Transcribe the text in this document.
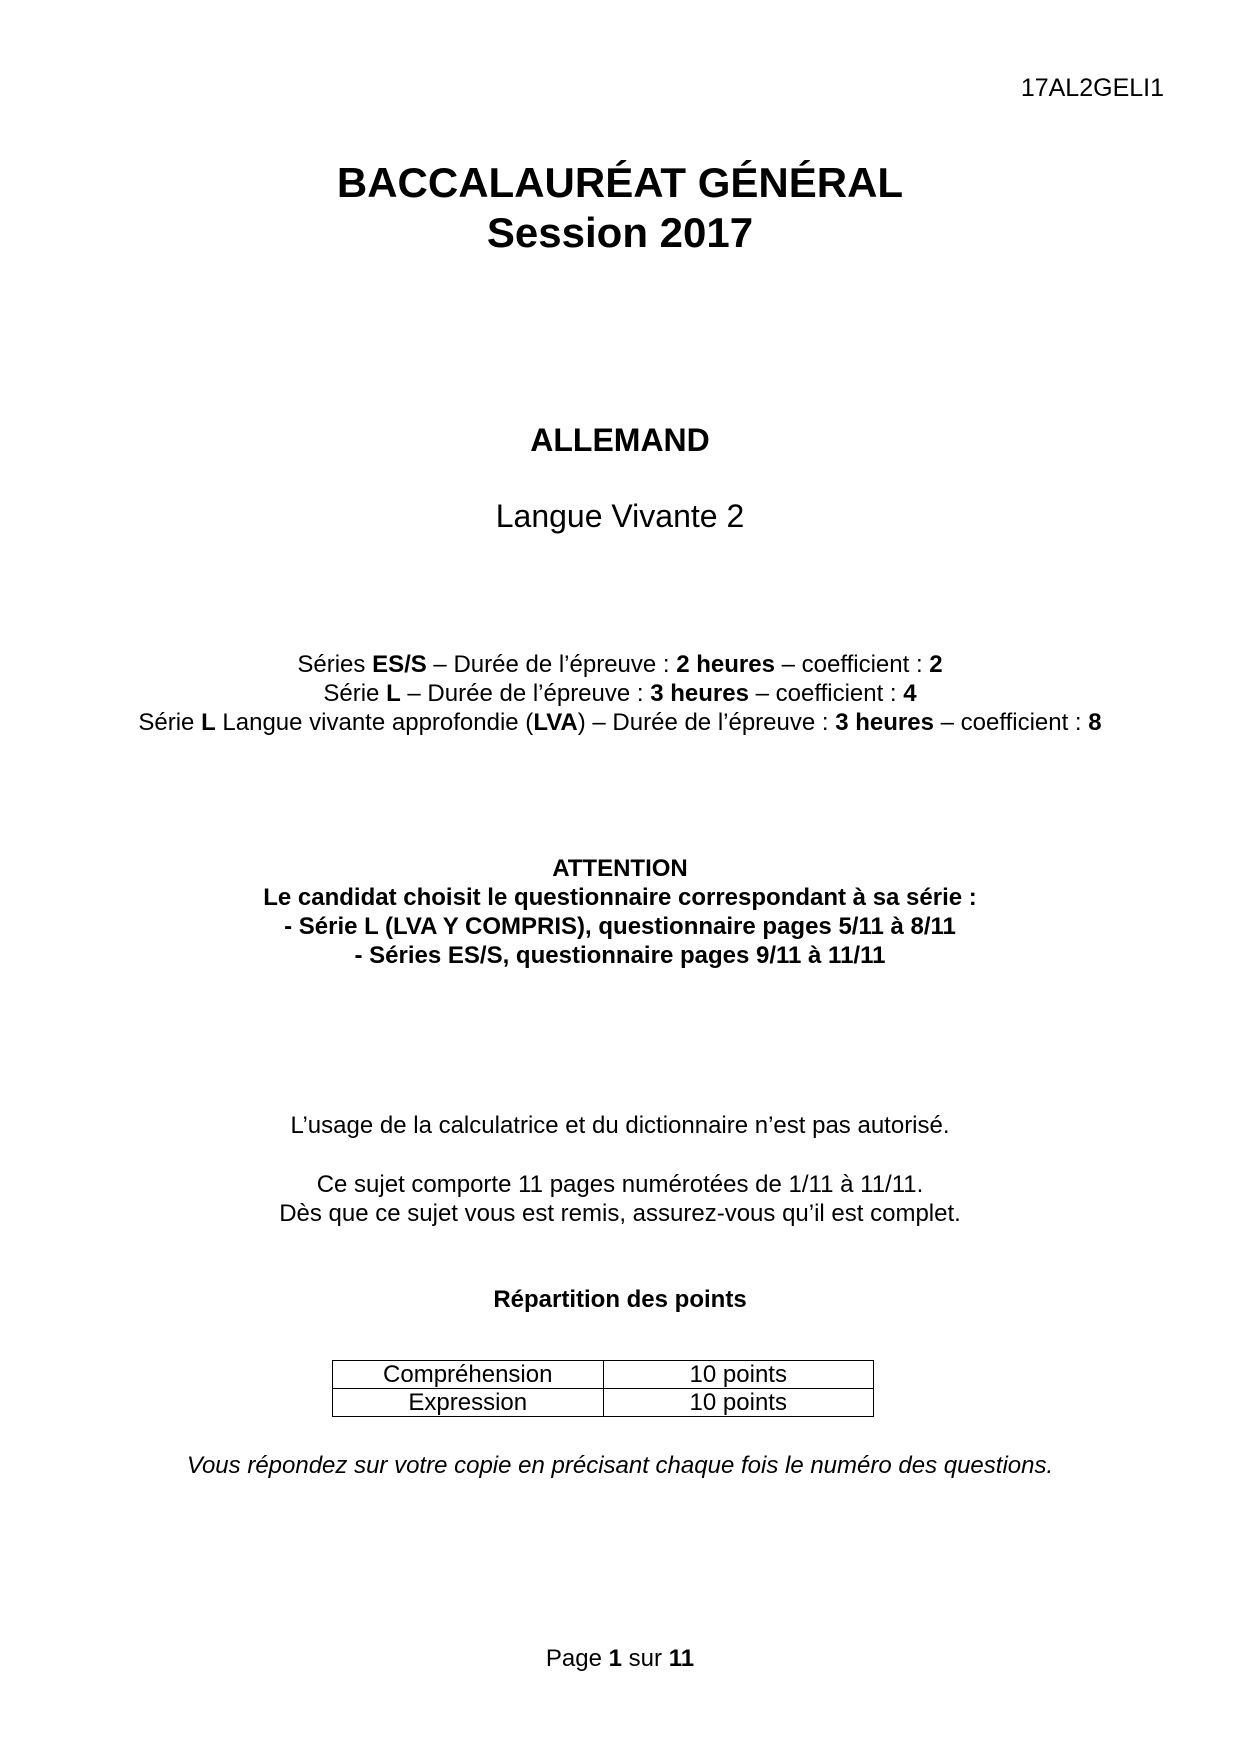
17AL2GELI1
BACCALAURÉAT GÉNÉRAL
Session 2017
ALLEMAND
Langue Vivante 2
Séries ES/S – Durée de l’épreuve : 2 heures – coefficient : 2
Série L – Durée de l’épreuve : 3 heures – coefficient : 4
Série L Langue vivante approfondie (LVA) – Durée de l’épreuve : 3 heures – coefficient : 8
ATTENTION
Le candidat choisit le questionnaire correspondant à sa série :
- Série L (LVA Y COMPRIS), questionnaire pages 5/11 à 8/11
- Séries ES/S, questionnaire pages 9/11 à 11/11
L’usage de la calculatrice et du dictionnaire n’est pas autorisé.
Ce sujet comporte 11 pages numérotées de 1/11 à 11/11.
Dès que ce sujet vous est remis, assurez-vous qu’il est complet.
Répartition des points
Compréhension	10 points
Expression	10 points
Vous répondez sur votre copie en précisant chaque fois le numéro des questions.
Page 1 sur 11
